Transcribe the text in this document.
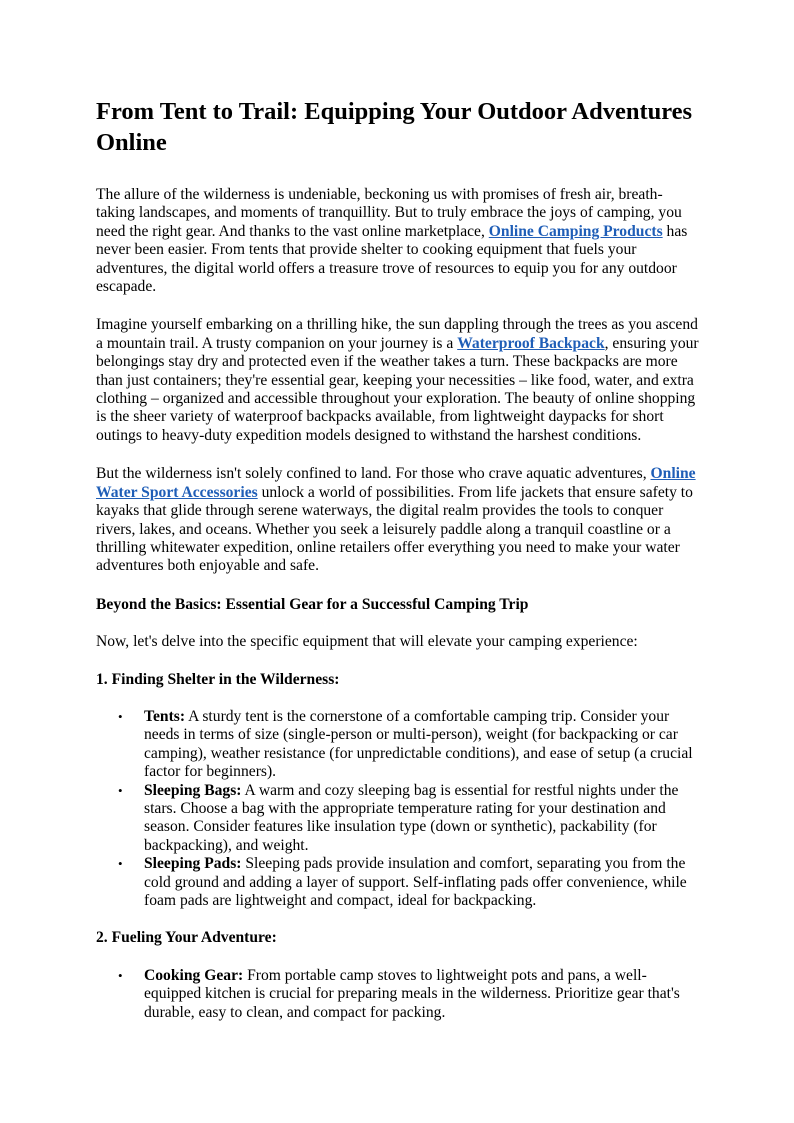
From Tent to Trail: Equipping Your Outdoor Adventures Online

The allure of the wilderness is undeniable, beckoning us with promises of fresh air, breath-taking landscapes, and moments of tranquillity. But to truly embrace the joys of camping, you need the right gear. And thanks to the vast online marketplace, Online Camping Products has never been easier. From tents that provide shelter to cooking equipment that fuels your adventures, the digital world offers a treasure trove of resources to equip you for any outdoor escapade.

Imagine yourself embarking on a thrilling hike, the sun dappling through the trees as you ascend a mountain trail. A trusty companion on your journey is a Waterproof Backpack, ensuring your belongings stay dry and protected even if the weather takes a turn. These backpacks are more than just containers; they're essential gear, keeping your necessities – like food, water, and extra clothing – organized and accessible throughout your exploration. The beauty of online shopping is the sheer variety of waterproof backpacks available, from lightweight daypacks for short outings to heavy-duty expedition models designed to withstand the harshest conditions.

But the wilderness isn't solely confined to land. For those who crave aquatic adventures, Online Water Sport Accessories unlock a world of possibilities. From life jackets that ensure safety to kayaks that glide through serene waterways, the digital realm provides the tools to conquer rivers, lakes, and oceans. Whether you seek a leisurely paddle along a tranquil coastline or a thrilling whitewater expedition, online retailers offer everything you need to make your water adventures both enjoyable and safe.

Beyond the Basics: Essential Gear for a Successful Camping Trip

Now, let's delve into the specific equipment that will elevate your camping experience:

1. Finding Shelter in the Wilderness:

• Tents: A sturdy tent is the cornerstone of a comfortable camping trip. Consider your needs in terms of size (single-person or multi-person), weight (for backpacking or car camping), weather resistance (for unpredictable conditions), and ease of setup (a crucial factor for beginners).
• Sleeping Bags: A warm and cozy sleeping bag is essential for restful nights under the stars. Choose a bag with the appropriate temperature rating for your destination and season. Consider features like insulation type (down or synthetic), packability (for backpacking), and weight.
• Sleeping Pads: Sleeping pads provide insulation and comfort, separating you from the cold ground and adding a layer of support. Self-inflating pads offer convenience, while foam pads are lightweight and compact, ideal for backpacking.

2. Fueling Your Adventure:

• Cooking Gear: From portable camp stoves to lightweight pots and pans, a well-equipped kitchen is crucial for preparing meals in the wilderness. Prioritize gear that's durable, easy to clean, and compact for packing.
